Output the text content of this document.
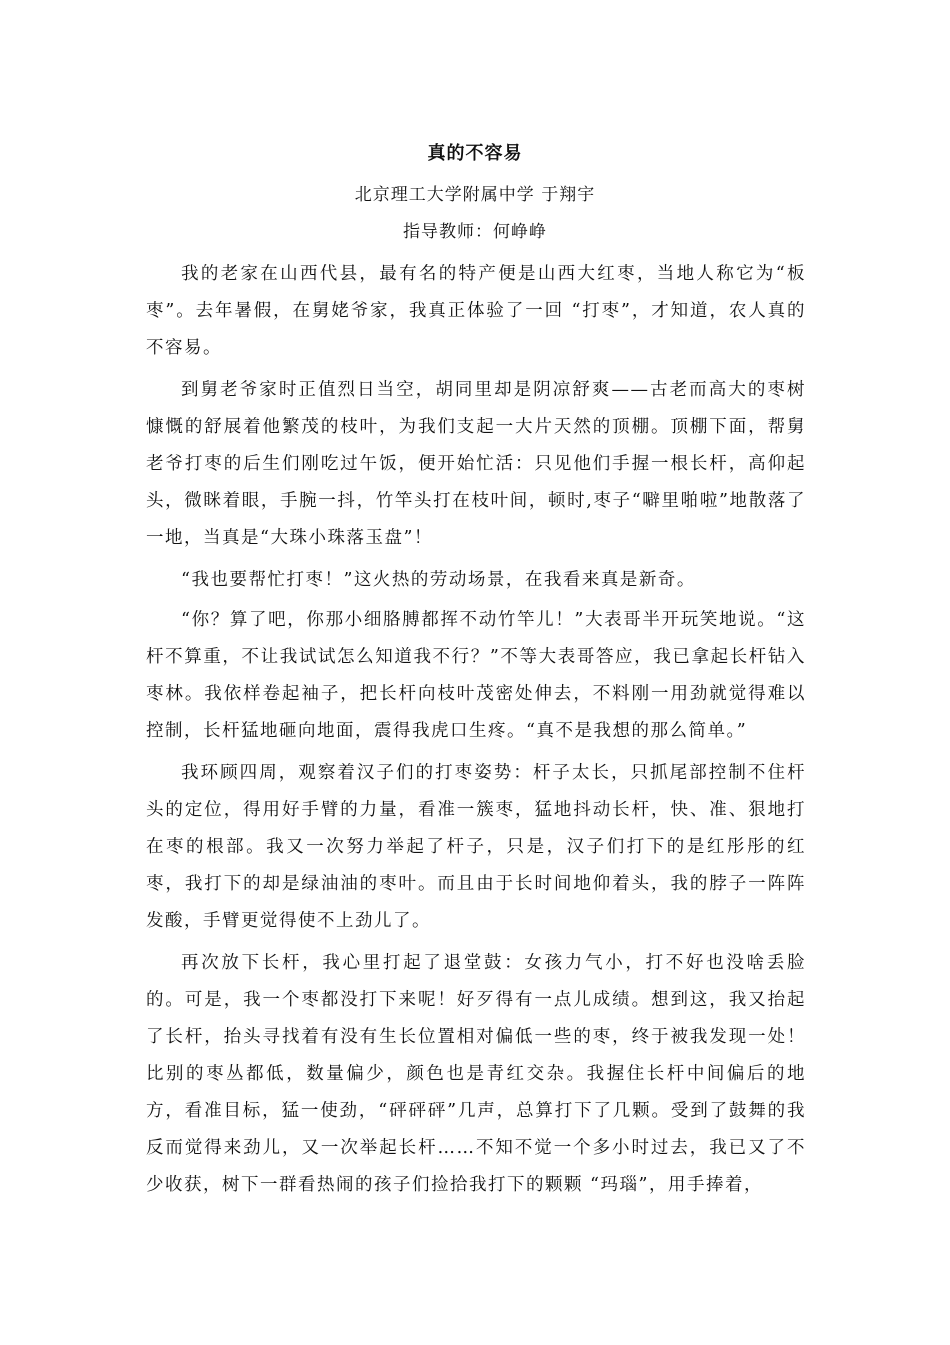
真的不容易
北京理工大学附属中学 于翔宇
指导教师：何峥峥

我的老家在山西代县，最有名的特产便是山西大红枣，当地人称它为“板枣”。去年暑假，在舅姥爷家，我真正体验了一回 “打枣”，才知道，农人真的不容易。

到舅老爷家时正值烈日当空，胡同里却是阴凉舒爽——古老而高大的枣树慷慨的舒展着他繁茂的枝叶，为我们支起一大片天然的顶棚。顶棚下面，帮舅老爷打枣的后生们刚吃过午饭，便开始忙活：只见他们手握一根长杆，高仰起头，微眯着眼，手腕一抖，竹竿头打在枝叶间，顿时,枣子“噼里啪啦”地散落了一地，当真是“大珠小珠落玉盘”！

“我也要帮忙打枣！”这火热的劳动场景，在我看来真是新奇。

“你？算了吧，你那小细胳膊都挥不动竹竿儿！”大表哥半开玩笑地说。“这杆不算重，不让我试试怎么知道我不行？”不等大表哥答应，我已拿起长杆钻入枣林。我依样卷起袖子，把长杆向枝叶茂密处伸去，不料刚一用劲就觉得难以控制，长杆猛地砸向地面，震得我虎口生疼。“真不是我想的那么简单。”

我环顾四周，观察着汉子们的打枣姿势：杆子太长，只抓尾部控制不住杆头的定位，得用好手臂的力量，看准一簇枣，猛地抖动长杆，快、准、狠地打在枣的根部。我又一次努力举起了杆子，只是，汉子们打下的是红彤彤的红枣，我打下的却是绿油油的枣叶。而且由于长时间地仰着头，我的脖子一阵阵发酸，手臂更觉得使不上劲儿了。

再次放下长杆，我心里打起了退堂鼓：女孩力气小，打不好也没啥丢脸的。可是，我一个枣都没打下来呢！好歹得有一点儿成绩。想到这，我又抬起了长杆，抬头寻找着有没有生长位置相对偏低一些的枣，终于被我发现一处！比别的枣丛都低，数量偏少，颜色也是青红交杂。我握住长杆中间偏后的地方，看准目标，猛一使劲，“砰砰砰”几声，总算打下了几颗。受到了鼓舞的我反而觉得来劲儿，又一次举起长杆……不知不觉一个多小时过去，我已又了不少收获，树下一群看热闹的孩子们捡拾我打下的颗颗 “玛瑙”，用手捧着，
